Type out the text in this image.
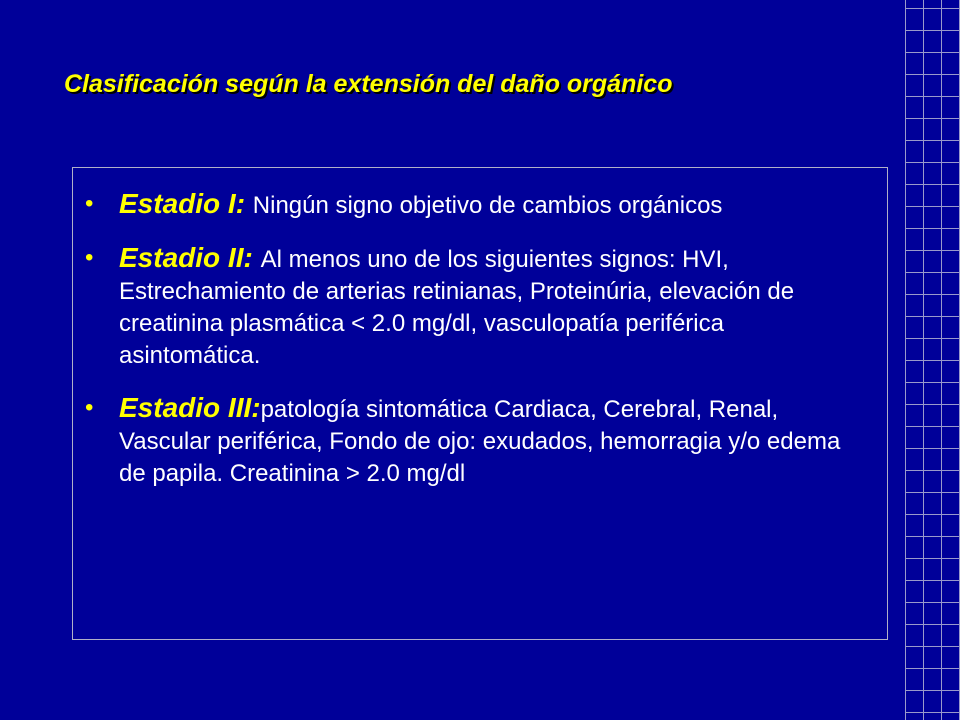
Clasificación según la extensión del daño orgánico
• Estadio I: Ningún signo objetivo de cambios orgánicos
• Estadio II: Al menos uno de los siguientes signos: HVI, Estrechamiento de arterias retinianas, Proteinúria, elevación de creatinina plasmática < 2.0 mg/dl, vasculopatía periférica asintomática.
• Estadio III:patología sintomática Cardiaca, Cerebral, Renal, Vascular periférica, Fondo de ojo: exudados, hemorragia y/o edema de papila. Creatinina > 2.0 mg/dl
